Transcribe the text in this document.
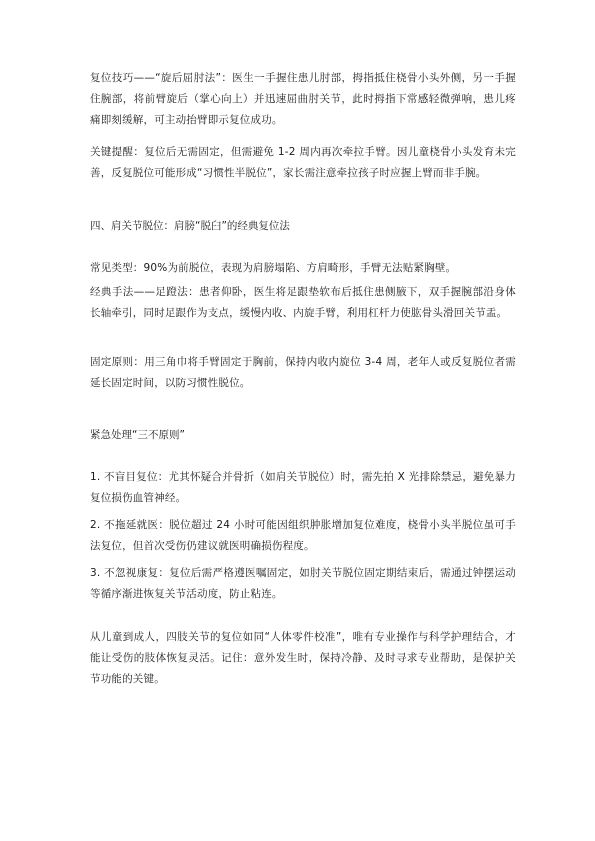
复位技巧——“旋后屈肘法”：医生一手握住患儿肘部，拇指抵住桡骨小头外侧，另一手握住腕部，将前臂旋后（掌心向上）并迅速屈曲肘关节，此时拇指下常感轻微弹响，患儿疼痛即刻缓解，可主动抬臂即示复位成功。

关键提醒：复位后无需固定，但需避免 1-2 周内再次牵拉手臂。因儿童桡骨小头发育未完善，反复脱位可能形成“习惯性半脱位”，家长需注意牵拉孩子时应握上臂而非手腕。

四、肩关节脱位：肩膀“脱臼”的经典复位法

常见类型：90%为前脱位，表现为肩膀塌陷、方肩畸形，手臂无法贴紧胸壁。

经典手法——足蹬法：患者仰卧，医生将足跟垫软布后抵住患侧腋下，双手握腕部沿身体长轴牵引，同时足跟作为支点，缓慢内收、内旋手臂，利用杠杆力使肱骨头滑回关节盂。

固定原则：用三角巾将手臂固定于胸前，保持内收内旋位 3-4 周，老年人或反复脱位者需延长固定时间，以防习惯性脱位。

紧急处理“三不原则”

1. 不盲目复位：尤其怀疑合并骨折（如肩关节脱位）时，需先拍 X 光排除禁忌，避免暴力复位损伤血管神经。

2. 不拖延就医：脱位超过 24 小时可能因组织肿胀增加复位难度，桡骨小头半脱位虽可手法复位，但首次受伤仍建议就医明确损伤程度。

3. 不忽视康复：复位后需严格遵医嘱固定，如肘关节脱位固定期结束后，需通过钟摆运动等循序渐进恢复关节活动度，防止粘连。

从儿童到成人，四肢关节的复位如同“人体零件校准”，唯有专业操作与科学护理结合，才能让受伤的肢体恢复灵活。记住：意外发生时，保持冷静、及时寻求专业帮助，是保护关节功能的关键。
